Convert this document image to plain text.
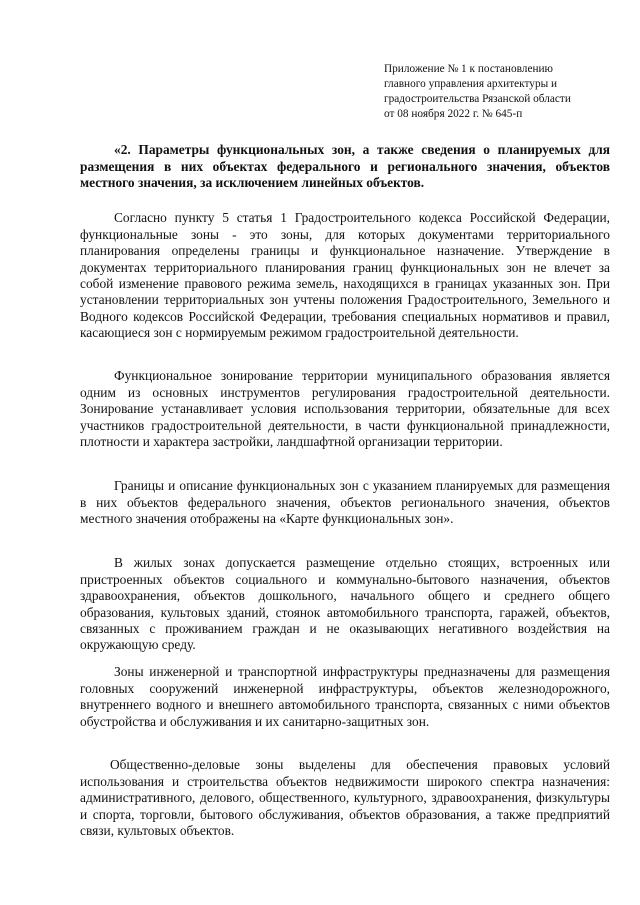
Приложение № 1 к постановлению
главного управления архитектуры и
градостроительства Рязанской области
от 08 ноября 2022 г. № 645-п
«2. Параметры функциональных зон, а также сведения о планируемых для размещения в них объектах федерального и регионального значения, объектов местного значения, за исключением линейных объектов.

Согласно пункту 5 статья 1 Градостроительного кодекса Российской Федерации, функциональные зоны - это зоны, для которых документами территориального планирования определены границы и функциональное назначение. Утверждение в документах территориального планирования границ функциональных зон не влечет за собой изменение правового режима земель, находящихся в границах указанных зон. При установлении территориальных зон учтены положения Градостроительного, Земельного и Водного кодексов Российской Федерации, требования специальных нормативов и правил, касающиеся зон с нормируемым режимом градостроительной деятельности.

Функциональное зонирование территории муниципального образования является одним из основных инструментов регулирования градостроительной деятельности. Зонирование устанавливает условия использования территории, обязательные для всех участников градостроительной деятельности, в части функциональной принадлежности, плотности и характера застройки, ландшафтной организации территории.

Границы и описание функциональных зон с указанием планируемых для размещения в них объектов федерального значения, объектов регионального значения, объектов местного значения отображены на «Карте функциональных зон».

В жилых зонах допускается размещение отдельно стоящих, встроенных или пристроенных объектов социального и коммунально-бытового назначения, объектов здравоохранения, объектов дошкольного, начального общего и среднего общего образования, культовых зданий, стоянок автомобильного транспорта, гаражей, объектов, связанных с проживанием граждан и не оказывающих негативного воздействия на окружающую среду.

Зоны инженерной и транспортной инфраструктуры предназначены для размещения головных сооружений инженерной инфраструктуры, объектов железнодорожного, внутреннего водного и внешнего автомобильного транспорта, связанных с ними объектов обустройства и обслуживания и их санитарно-защитных зон.

Общественно-деловые зоны выделены для обеспечения правовых условий использования и строительства объектов недвижимости широкого спектра назначения: административного, делового, общественного, культурного, здравоохранения, физкультуры и спорта, торговли, бытового обслуживания, объектов образования, а также предприятий связи, культовых объектов.
